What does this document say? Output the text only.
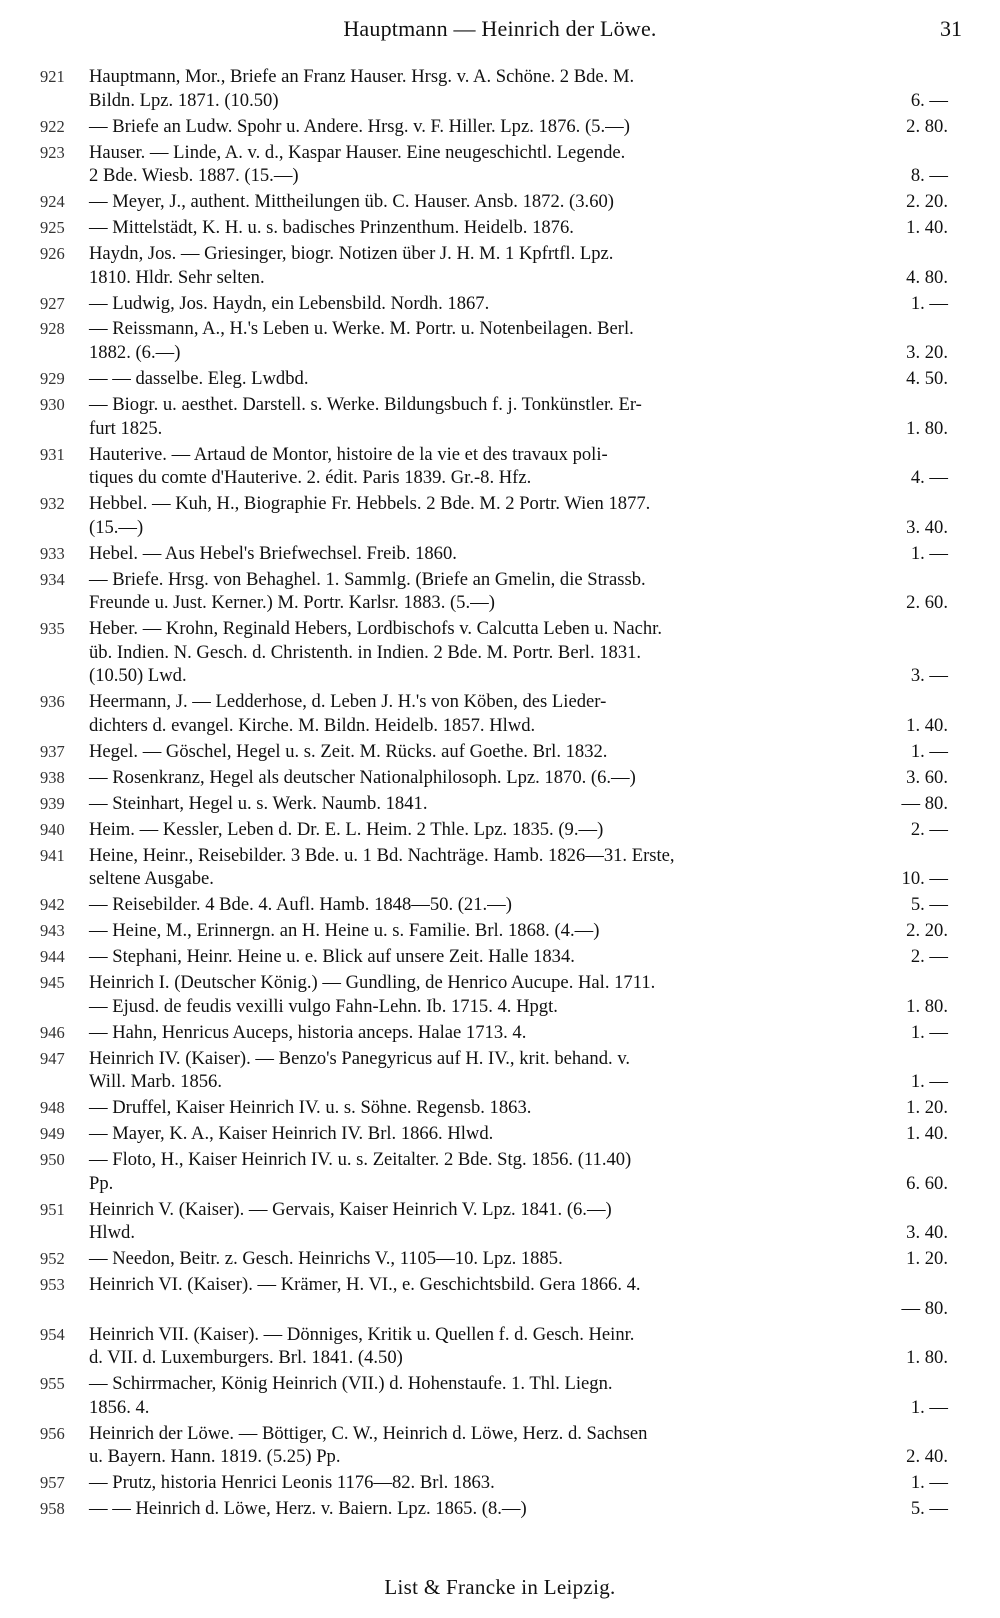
Hauptmann — Heinrich der Löwe.	31
921 Hauptmann, Mor., Briefe an Franz Hauser. Hrsg. v. A. Schöne. 2 Bde. M.
Bildn. Lpz. 1871. (10.50)	6. —
922 — Briefe an Ludw. Spohr u. Andere. Hrsg. v. F. Hiller. Lpz. 1876. (5.—)	2. 80.
923 Hauser. — Linde, A. v. d., Kaspar Hauser. Eine neugeschichtl. Legende.
2 Bde. Wiesb. 1887. (15.—)	8. —
924 — Meyer, J., authent. Mittheilungen üb. C. Hauser. Ansb. 1872. (3.60)	2. 20.
925 — Mittelstädt, K. H. u. s. badisches Prinzenthum. Heidelb. 1876.	1. 40.
926 Haydn, Jos. — Griesinger, biogr. Notizen über J. H. M. 1 Kpfrtfl. Lpz.
1810. Hldr. Sehr selten.	4. 80.
927 — Ludwig, Jos. Haydn, ein Lebensbild. Nordh. 1867.	1. —
928 — Reissmann, A., H.'s Leben u. Werke. M. Portr. u. Notenbeilagen. Berl.
1882. (6.—)	3. 20.
929 — — dasselbe. Eleg. Lwdbd.	4. 50.
930 — Biogr. u. aesthet. Darstell. s. Werke. Bildungsbuch f. j. Tonkünstler. Er-
furt 1825.	1. 80.
931 Hauterive. — Artaud de Montor, histoire de la vie et des travaux poli-
tiques du comte d'Hauterive. 2. édit. Paris 1839. Gr.-8. Hfz.	4. —
932 Hebbel. — Kuh, H., Biographie Fr. Hebbels. 2 Bde. M. 2 Portr. Wien 1877.
(15.—)	3. 40.
933 Hebel. — Aus Hebel's Briefwechsel. Freib. 1860.	1. —
934 — Briefe. Hrsg. von Behaghel. 1. Sammlg. (Briefe an Gmelin, die Strassb.
Freunde u. Just. Kerner.) M. Portr. Karlsr. 1883. (5.—)	2. 60.
935 Heber. — Krohn, Reginald Hebers, Lordbischofs v. Calcutta Leben u. Nachr.
üb. Indien. N. Gesch. d. Christenth. in Indien. 2 Bde. M. Portr. Berl. 1831.
(10.50) Lwd.	3. —
936 Heermann, J. — Ledderhose, d. Leben J. H.'s von Köben, des Lieder-
dichters d. evangel. Kirche. M. Bildn. Heidelb. 1857. Hlwd.	1. 40.
937 Hegel. — Göschel, Hegel u. s. Zeit. M. Rücks. auf Goethe. Brl. 1832.	1. —
938 — Rosenkranz, Hegel als deutscher Nationalphilosoph. Lpz. 1870. (6.—)	3. 60.
939 — Steinhart, Hegel u. s. Werk. Naumb. 1841.	— 80.
940 Heim. — Kessler, Leben d. Dr. E. L. Heim. 2 Thle. Lpz. 1835. (9.—)	2. —
941 Heine, Heinr., Reisebilder. 3 Bde. u. 1 Bd. Nachträge. Hamb. 1826—31. Erste,
seltene Ausgabe.	10. —
942 — Reisebilder. 4 Bde. 4. Aufl. Hamb. 1848—50. (21.—)	5. —
943 — Heine, M., Erinnergn. an H. Heine u. s. Familie. Brl. 1868. (4.—)	2. 20.
944 — Stephani, Heinr. Heine u. e. Blick auf unsere Zeit. Halle 1834.	2. —
945 Heinrich I. (Deutscher König.) — Gundling, de Henrico Aucupe. Hal. 1711.
— Ejusd. de feudis vexilli vulgo Fahn-Lehn. Ib. 1715. 4. Hpgt.	1. 80.
946 — Hahn, Henricus Auceps, historia anceps. Halae 1713. 4.	1. —
947 Heinrich IV. (Kaiser). — Benzo's Panegyricus auf H. IV., krit. behand. v.
Will. Marb. 1856.	1. —
948 — Druffel, Kaiser Heinrich IV. u. s. Söhne. Regensb. 1863.	1. 20.
949 — Mayer, K. A., Kaiser Heinrich IV. Brl. 1866. Hlwd.	1. 40.
950 — Floto, H., Kaiser Heinrich IV. u. s. Zeitalter. 2 Bde. Stg. 1856. (11.40)
Pp.	6. 60.
951 Heinrich V. (Kaiser). — Gervais, Kaiser Heinrich V. Lpz. 1841. (6.—)
Hlwd.	3. 40.
952 — Needon, Beitr. z. Gesch. Heinrichs V., 1105—10. Lpz. 1885.	1. 20.
953 Heinrich VI. (Kaiser). — Krämer, H. VI., e. Geschichtsbild. Gera 1866. 4.
— 80.
954 Heinrich VII. (Kaiser). — Dönniges, Kritik u. Quellen f. d. Gesch. Heinr.
d. VII. d. Luxemburgers. Brl. 1841. (4.50)	1. 80.
955 — Schirrmacher, König Heinrich (VII.) d. Hohenstaufe. 1. Thl. Liegn.
1856. 4.	1. —
956 Heinrich der Löwe. — Böttiger, C. W., Heinrich d. Löwe, Herz. d. Sachsen
u. Bayern. Hann. 1819. (5.25) Pp.	2. 40.
957 — Prutz, historia Henrici Leonis 1176—82. Brl. 1863.	1. —
958 — — Heinrich d. Löwe, Herz. v. Baiern. Lpz. 1865. (8.—)	5. —
List & Francke in Leipzig.
